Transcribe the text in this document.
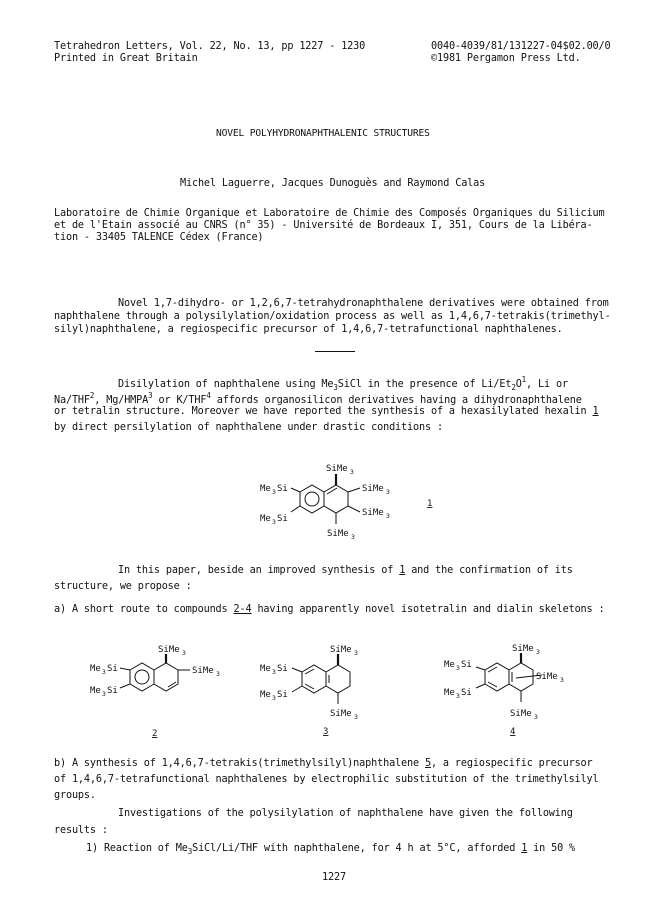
Tetrahedron Letters, Vol. 22, No. 13, pp 1227 - 1230
Printed in Great Britain
0040-4039/81/131227-04$02.00/0
©1981 Pergamon Press Ltd.
NOVEL POLYHYDRONAPHTHALENIC STRUCTURES
Michel Laguerre, Jacques Dunoguès and Raymond Calas
Laboratoire de Chimie Organique et Laboratoire de Chimie des Composés Organiques du Silicium
et de l'Etain associé au CNRS (n° 35) - Université de Bordeaux I, 351, Cours de la Libéra-
tion - 33405 TALENCE Cédex (France)
Novel 1,7-dihydro- or 1,2,6,7-tetrahydronaphthalene derivatives were obtained from
naphthalene through a polysilylation/oxidation process as well as 1,4,6,7-tetrakis(trimethyl-
silyl)naphthalene, a regiospecific precursor of 1,4,6,7-tetrafunctional naphthalenes.
Disilylation of naphthalene using $Me_3SiCl$ in the presence of $Li/Et_2O^1$, Li or
Na/THF$^2$, Mg/HMPA$^3$ or K/THF$^4$ affords organosilicon derivatives having a dihydronaphthalene
or tetralin structure. Moreover we have reported the synthesis of a hexasilylated hexalin 1
by direct persilylation of naphthalene under drastic conditions :
SiMe 3
SiMe 3
SiMe 3
SiMe 3
Me 3 Si
Me 3 Si
1
In this paper, beside an improved synthesis of 1 and the confirmation of its
structure, we propose :
a) A short route to compounds 2-4 having apparently novel isotetralin and dialin skeletons :
SiMe 3
SiMe 3
Me 3 Si
Me 3 Si
2
SiMe 3
SiMe 3
Me 3 Si
Me 3 Si
3
SiMe 3
SiMe 3
SiMe 3
Me 3 Si
Me 3 Si
4
b) A synthesis of 1,4,6,7-tetrakis(trimethylsilyl)naphthalene 5, a regiospecific precursor
of 1,4,6,7-tetrafunctional naphthalenes by electrophilic substitution of the trimethylsilyl
groups.
Investigations of the polysilylation of naphthalene have given the following
results :
1) Reaction of $Me_3SiCl/Li$/THF with naphthalene, for 4 h at 5°C, afforded 1 in 50 %
1227
